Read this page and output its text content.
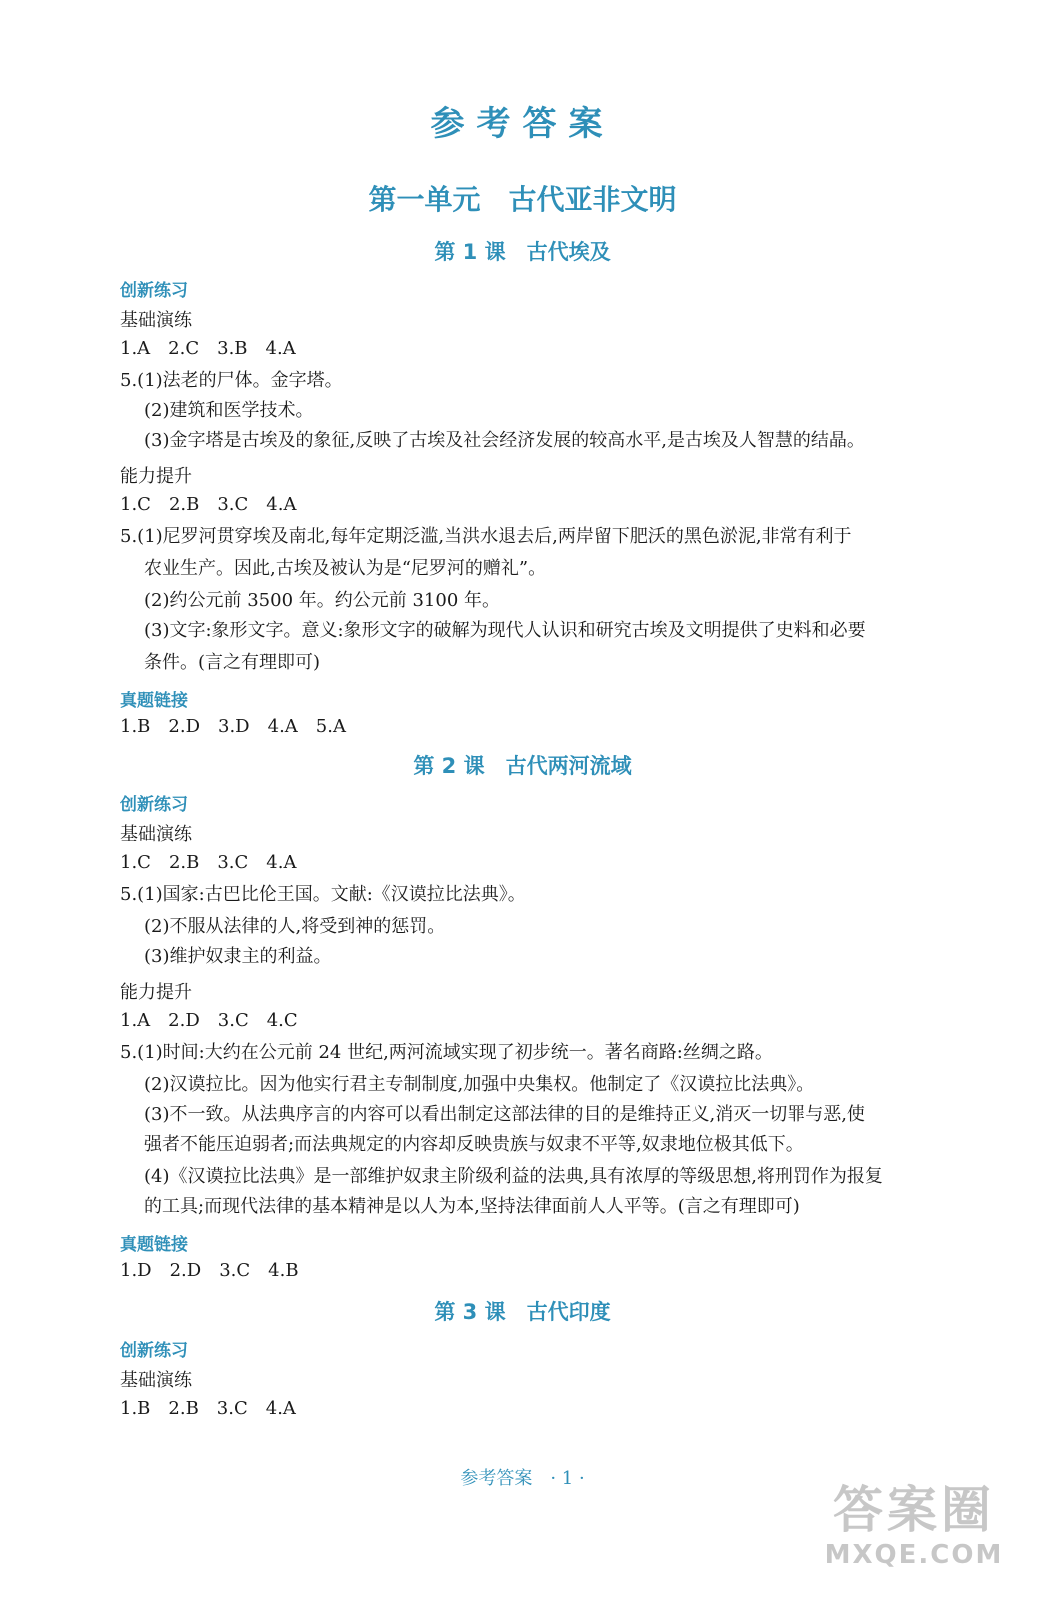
参考答案
第一单元　古代亚非文明
第 1 课　古代埃及
创新练习
基础演练
1.A　2.C　3.B　4.A
5.(1)法老的尸体。金字塔。
(2)建筑和医学技术。
(3)金字塔是古埃及的象征,反映了古埃及社会经济发展的较高水平,是古埃及人智慧的结晶。
能力提升
1.C　2.B　3.C　4.A
5.(1)尼罗河贯穿埃及南北,每年定期泛滥,当洪水退去后,两岸留下肥沃的黑色淤泥,非常有利于
农业生产。因此,古埃及被认为是“尼罗河的赠礼”。
(2)约公元前 3500 年。约公元前 3100 年。
(3)文字:象形文字。意义:象形文字的破解为现代人认识和研究古埃及文明提供了史料和必要
条件。(言之有理即可)
真题链接
1.B　2.D　3.D　4.A　5.A
第 2 课　古代两河流域
创新练习
基础演练
1.C　2.B　3.C　4.A
5.(1)国家:古巴比伦王国。文献:《汉谟拉比法典》。
(2)不服从法律的人,将受到神的惩罚。
(3)维护奴隶主的利益。
能力提升
1.A　2.D　3.C　4.C
5.(1)时间:大约在公元前 24 世纪,两河流域实现了初步统一。著名商路:丝绸之路。
(2)汉谟拉比。因为他实行君主专制制度,加强中央集权。他制定了《汉谟拉比法典》。
(3)不一致。从法典序言的内容可以看出制定这部法律的目的是维持正义,消灭一切罪与恶,使
强者不能压迫弱者;而法典规定的内容却反映贵族与奴隶不平等,奴隶地位极其低下。
(4)《汉谟拉比法典》是一部维护奴隶主阶级利益的法典,具有浓厚的等级思想,将刑罚作为报复
的工具;而现代法律的基本精神是以人为本,坚持法律面前人人平等。(言之有理即可)
真题链接
1.D　2.D　3.C　4.B
第 3 课　古代印度
创新练习
基础演练
1.B　2.B　3.C　4.A
参考答案　· 1 ·
答案圈
MXQE.COM
